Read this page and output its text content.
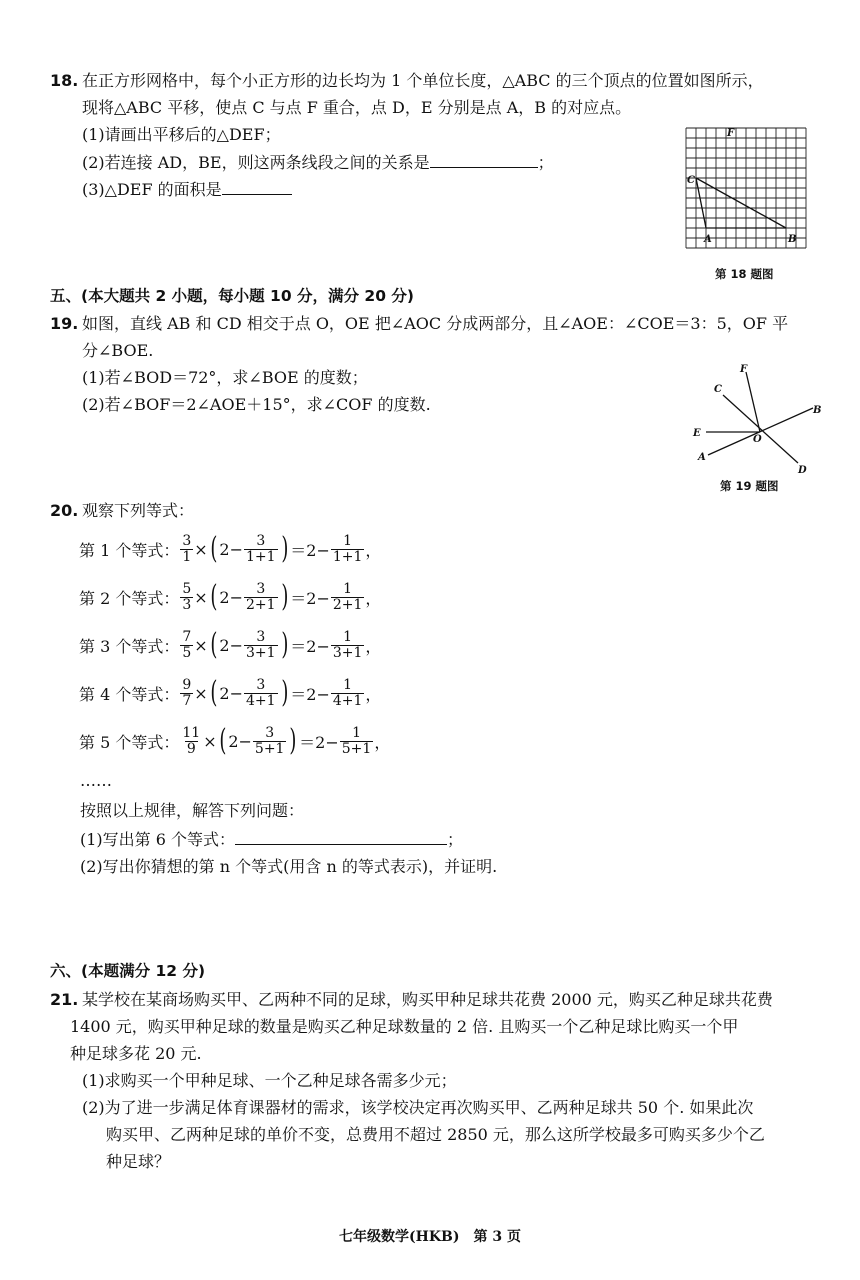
18. 在正方形网格中，每个小正方形的边长均为 1 个单位长度，△ABC 的三个顶点的位置如图所示，
现将△ABC 平移，使点 C 与点 F 重合，点 D，E 分别是点 A，B 的对应点。
(1)请画出平移后的△DEF；
(2)若连接 AD，BE，则这两条线段之间的关系是	；
(3)△DEF 的面积是
F
C
A	B
第 18 题图
五、(本大题共 2 小题，每小题 10 分，满分 20 分)
19. 如图，直线 AB 和 CD 相交于点 O，OE 把∠AOC 分成两部分，且∠AOE：∠COE＝3：5，OF 平
分∠BOE.
(1)若∠BOD＝72°，求∠BOE 的度数；
(2)若∠BOF＝2∠AOE＋15°，求∠COF 的度数.
F
C
B
E
O
A
D
第 19 题图
20. 观察下列等式：
第 1 个等式： $\frac{3}{1}$ × ( $2- \frac{3}{1+1}$ ) $=2- \frac{1}{1+1}$ ，
第 2 个等式： $\frac{5}{3}$ × ( $2- \frac{3}{2+1}$ ) $=2- \frac{1}{2+1}$ ，
第 3 个等式： $\frac{7}{5}$ × ( $2- \frac{3}{3+1}$ ) $=2- \frac{1}{3+1}$ ，
第 4 个等式： $\frac{9}{7}$ × ( $2- \frac{3}{4+1}$ ) $=2- \frac{1}{4+1}$ ，
第 5 个等式： $\frac{11}{9}$ × ( $2- \frac{3}{5+1}$ ) $=2- \frac{1}{5+1}$ ，
……
按照以上规律，解答下列问题：
(1)写出第 6 个等式：	；
(2)写出你猜想的第 n 个等式(用含 n 的等式表示)，并证明.
六、(本题满分 12 分)
21. 某学校在某商场购买甲、乙两种不同的足球，购买甲种足球共花费 2000 元，购买乙种足球共花费
1400 元，购买甲种足球的数量是购买乙种足球数量的 2 倍. 且购买一个乙种足球比购买一个甲
种足球多花 20 元.
(1)求购买一个甲种足球、一个乙种足球各需多少元；
(2)为了进一步满足体育课器材的需求，该学校决定再次购买甲、乙两种足球共 50 个. 如果此次
购买甲、乙两种足球的单价不变，总费用不超过 2850 元，那么这所学校最多可购买多少个乙
种足球？
七年级数学(HKB)　第 3 页
